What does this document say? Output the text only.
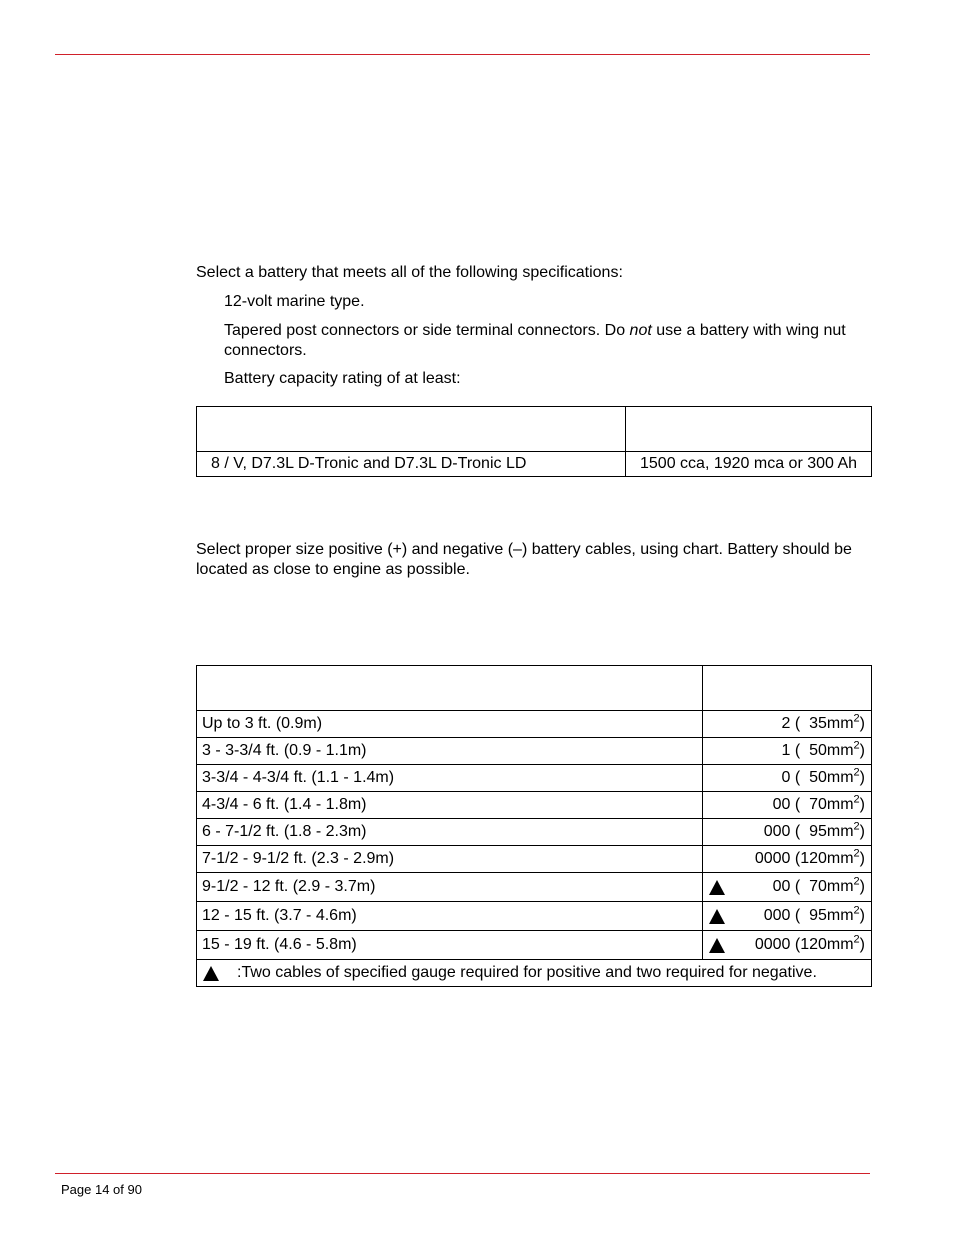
Select a battery that meets all of the following specifications:
12-volt marine type.
Tapered post connectors or side terminal connectors. Do not use a battery with wing nut connectors.
Battery capacity rating of at least:

8 / V, D7.3L D-Tronic and D7.3L D-Tronic LD	1500 cca, 1920 mca or 300 Ah
Select proper size positive (+) and negative (–) battery cables, using chart. Battery should be located as close to engine as possible.

Up to 3 ft. (0.9m)	2 (  $35mm^2$)
3 - 3-3/4 ft. (0.9 - 1.1m)	1 (  $50mm^2$)
3-3/4 - 4-3/4 ft. (1.1 - 1.4m)	0 (  $50mm^2$)
4-3/4 - 6 ft. (1.4 - 1.8m)	00 (  $70mm^2$)
6 - 7-1/2 ft. (1.8 - 2.3m)	000 (  $95mm^2$)
7-1/2 - 9-1/2 ft. (2.3 - 2.9m)	0000 $(120mm^2)$
9-1/2 - 12 ft. (2.9 - 3.7m)	00 (  $70mm^2$)
12 - 15 ft. (3.7 - 4.6m)	000 (  $95mm^2$)
15 - 19 ft. (4.6 - 5.8m)	0000 $(120mm^2)$

:Two cables of specified gauge required for positive and two required for negative.	
Page 14 of 90
